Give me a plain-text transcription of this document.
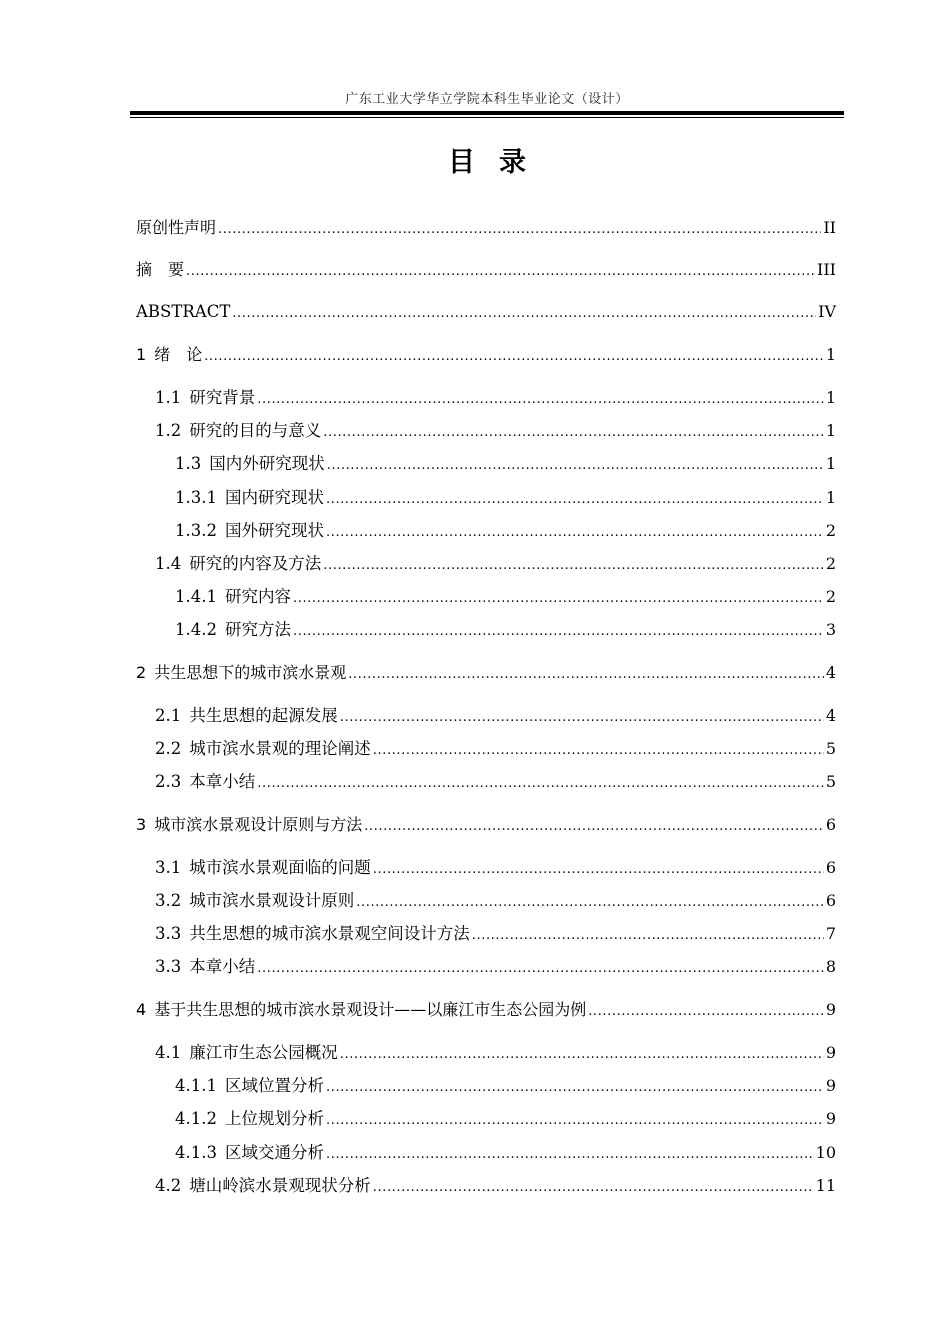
广东工业大学华立学院本科生毕业论文（设计）
目录
原创性声明 .....	II
摘　要 .....	III
ABSTRACT .....	IV
1 绪　论 .....	1
1.1 研究背景 .....	1
1.2 研究的目的与意义 .....	1
1.3 国内外研究现状 .....	1
1.3.1 国内研究现状 .....	1
1.3.2 国外研究现状 .....	2
1.4 研究的内容及方法 .....	2
1.4.1 研究内容 .....	2
1.4.2 研究方法 .....	3
2 共生思想下的城市滨水景观 .....	4
2.1 共生思想的起源发展 .....	4
2.2 城市滨水景观的理论阐述 .....	5
2.3 本章小结 .....	5
3 城市滨水景观设计原则与方法 .....	6
3.1 城市滨水景观面临的问题 .....	6
3.2 城市滨水景观设计原则 .....	6
3.3 共生思想的城市滨水景观空间设计方法 .....	7
3.3 本章小结 .....	8
4 基于共生思想的城市滨水景观设计——以廉江市生态公园为例 .....	9
4.1 廉江市生态公园概况 .....	9
4.1.1 区域位置分析 .....	9
4.1.2 上位规划分析 .....	9
4.1.3 区域交通分析 .....	10
4.2 塘山岭滨水景观现状分析 .....	11
